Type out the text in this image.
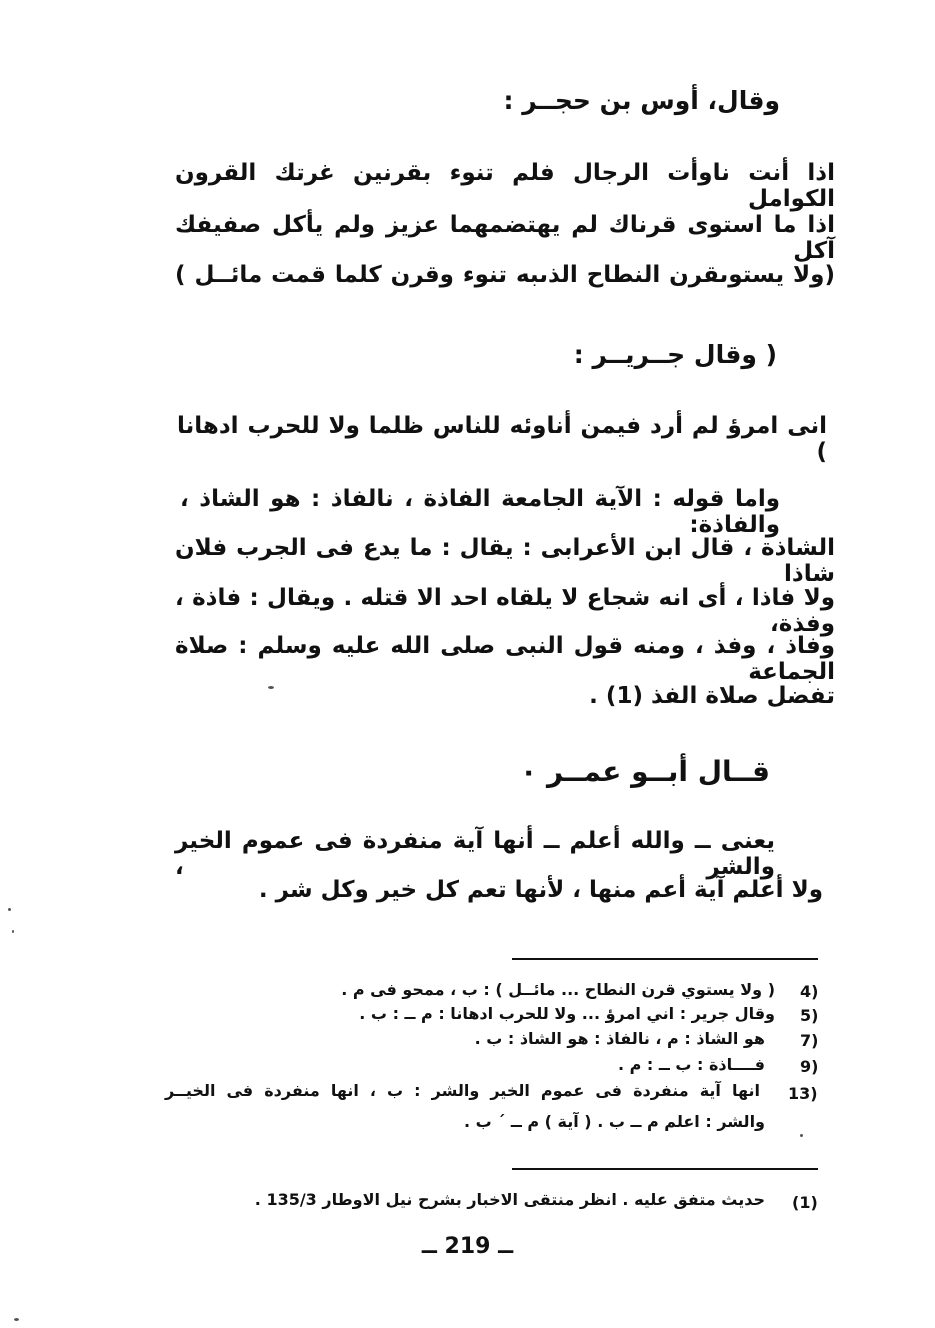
وقال، أوس بن حجــر :
اذا أنت ناوأت الرجال فلم تنوء بقرنين غرتك القرون الكوامل
اذا ما استوى قرناك لم يهتضمهما عزيز ولم يأكل صفيفك آكل
(ولا يستوىقرن النطاح الذىبه تنوء وقرن كلما قمت مائــل )
( وقال جــريــر :
انى امرؤ لم أرد فيمن أناوئه للناس ظلما ولا للحرب ادهانا )
واما قوله : الآية الجامعة الفاذة ، نالفاذ : هو الشاذ ، والفاذة:
الشاذة ، قال ابن الأعرابى : يقال : ما يدع فى الجرب فلان شاذا
ولا فاذا ، أى انه شجاع لا يلقاه احد الا قتله . ويقال : فاذة ، وفذة،
وفاذ ، وفذ ، ومنه قول النبى صلى الله عليه وسلم : صلاة الجماعة
تفضل صلاة الفذ (1) .
قــال أبــو عمــر ٠
يعنى ــ والله أعلم ــ أنها آية منفردة فى عموم الخير والشر ،
ولا أعلم آية أعم منها ، لأنها تعم كل خير وكل شر .
4)
( ولا يستوي قرن النطاح ... مائــل ) : ب ، ممحو فى م .
5)
وقال جرير : اني امرؤ ... ولا للحرب ادهانا : م ــ : ب .
7)
هو الشاذ : م ، نالفاذ : هو الشاذ : ب .
9)
فــــاذة : ب ــ : م .
13)
انها آية منفردة فى عموم الخير والشر : ب ، انها منفردة فى الخيــر
والشر : اعلم م ــ ب . ( آية ) م ــ ´ ب .
(1)
حديث متفق عليه . انظر منتقى الاخبار بشرح نيل الاوطار 135/3 .
ــ 219 ــ
